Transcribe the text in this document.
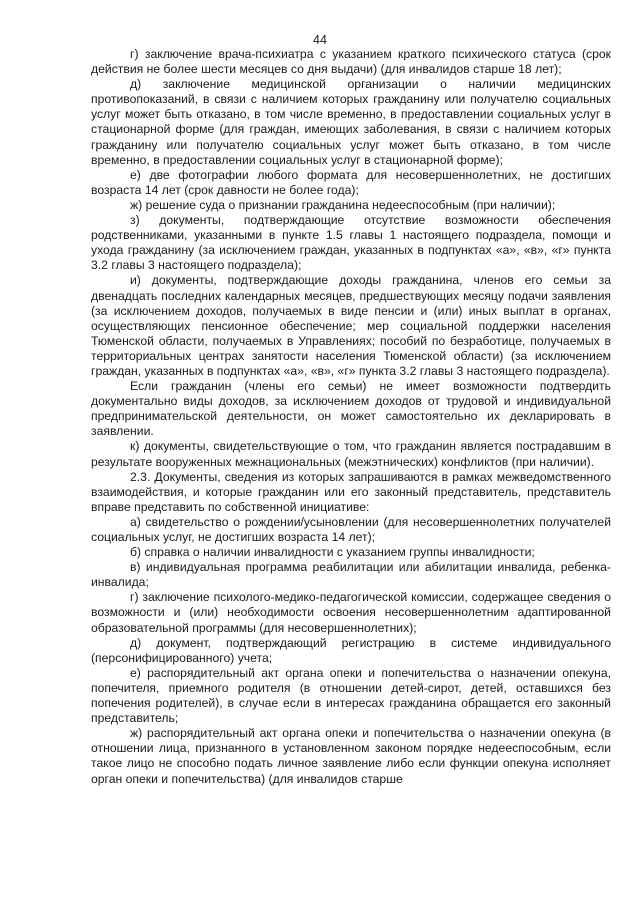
44

г) заключение врача-психиатра с указанием краткого психического статуса (срок действия не более шести месяцев со дня выдачи) (для инвалидов старше 18 лет);

д) заключение медицинской организации о наличии медицинских противопоказаний, в связи с наличием которых гражданину или получателю социальных услуг может быть отказано, в том числе временно, в предоставлении социальных услуг в стационарной форме (для граждан, имеющих заболевания, в связи с наличием которых гражданину или получателю социальных услуг может быть отказано, в том числе временно, в предоставлении социальных услуг в стационарной форме);

е) две фотографии любого формата для несовершеннолетних, не достигших возраста 14 лет (срок давности не более года);

ж) решение суда о признании гражданина недееспособным (при наличии);

з) документы, подтверждающие отсутствие возможности обеспечения родственниками, указанными в пункте 1.5 главы 1 настоящего подраздела, помощи и ухода гражданину (за исключением граждан, указанных в подпунктах «а», «в», «г» пункта 3.2 главы 3 настоящего подраздела);

и) документы, подтверждающие доходы гражданина, членов его семьи за двенадцать последних календарных месяцев, предшествующих месяцу подачи заявления (за исключением доходов, получаемых в виде пенсии и (или) иных выплат в органах, осуществляющих пенсионное обеспечение; мер социальной поддержки населения Тюменской области, получаемых в Управлениях; пособий по безработице, получаемых в территориальных центрах занятости населения Тюменской области) (за исключением граждан, указанных в подпунктах «а», «в», «г» пункта 3.2 главы 3 настоящего подраздела).

Если гражданин (члены его семьи) не имеет возможности подтвердить документально виды доходов, за исключением доходов от трудовой и индивидуальной предпринимательской деятельности, он может самостоятельно их декларировать в заявлении.

к) документы, свидетельствующие о том, что гражданин является пострадавшим в результате вооруженных межнациональных (межэтнических) конфликтов (при наличии).

2.3. Документы, сведения из которых запрашиваются в рамках межведомственного взаимодействия, и которые гражданин или его законный представитель, представитель вправе представить по собственной инициативе:

а) свидетельство о рождении/усыновлении (для несовершеннолетних получателей социальных услуг, не достигших возраста 14 лет);

б) справка о наличии инвалидности с указанием группы инвалидности;

в) индивидуальная программа реабилитации или абилитации инвалида, ребенка-инвалида;

г) заключение психолого-медико-педагогической комиссии, содержащее сведения о возможности и (или) необходимости освоения несовершеннолетним адаптированной образовательной программы (для несовершеннолетних);

д) документ, подтверждающий регистрацию в системе индивидуального (персонифицированного) учета;

е) распорядительный акт органа опеки и попечительства о назначении опекуна, попечителя, приемного родителя (в отношении детей-сирот, детей, оставшихся без попечения родителей), в случае если в интересах гражданина обращается его законный представитель;

ж) распорядительный акт органа опеки и попечительства о назначении опекуна (в отношении лица, признанного в установленном законом порядке недееспособным, если такое лицо не способно подать личное заявление либо если функции опекуна исполняет орган опеки и попечительства) (для инвалидов старше
